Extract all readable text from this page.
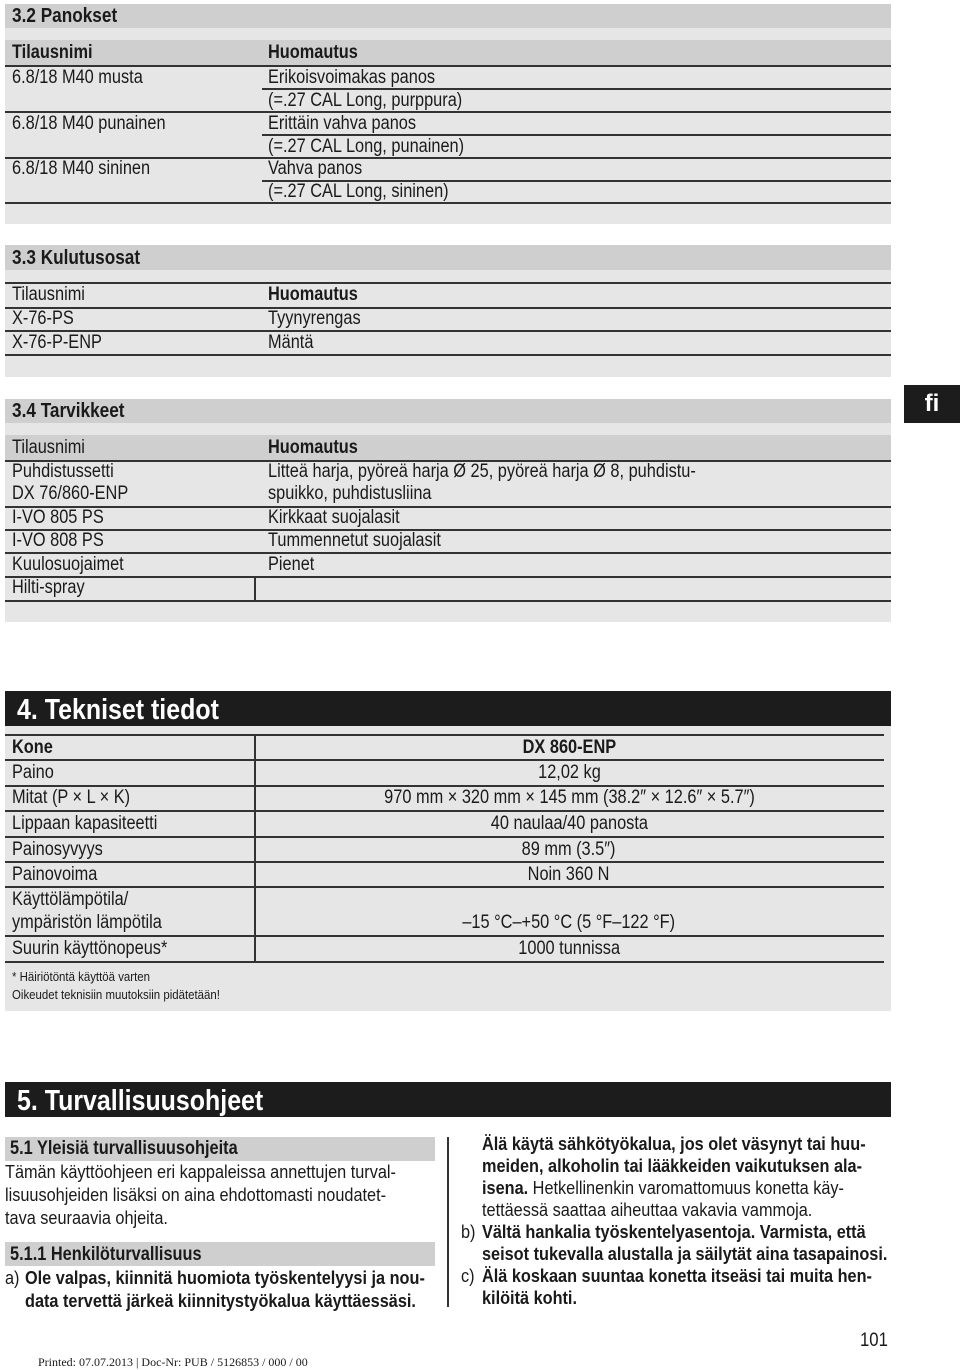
3.2 Panokset
Tilausnimi	Huomautus
6.8/18 M40 musta	Erikoisvoimakas panos
(=.27 CAL Long, purppura)
6.8/18 M40 punainen	Erittäin vahva panos
(=.27 CAL Long, punainen)
6.8/18 M40 sininen	Vahva panos
(=.27 CAL Long, sininen)
3.3 Kulutusosat
Tilausnimi	Huomautus
X-76-PS	Tyynyrengas
X-76-P-ENP	Mäntä
3.4 Tarvikkeet
Tilausnimi	Huomautus
Puhdistussetti	Litteä harja, pyöreä harja Ø 25, pyöreä harja Ø 8, puhdistu-
DX 76/860-ENP	spuikko, puhdistusliina
I-VO 805 PS	Kirkkaat suojalasit
I-VO 808 PS	Tummennetut suojalasit
Kuulosuojaimet	Pienet
Hilti-spray
fi
4. Tekniset tiedot
Kone	DX 860-ENP
Paino	12,02 kg
Mitat (P × L × K)	970 mm × 320 mm × 145 mm (38.2″ × 12.6″ × 5.7″)
Lippaan kapasiteetti	40 naulaa/40 panosta
Painosyvyys	89 mm (3.5″)
Painovoima	Noin 360 N
Käyttölämpötila/
ympäristön lämpötila	–15 °C–+50 °C (5 °F–122 °F)
Suurin käyttönopeus*	1000 tunnissa
* Häiriötöntä käyttöä varten
Oikeudet teknisiin muutoksiin pidätetään!
5. Turvallisuusohjeet
5.1 Yleisiä turvallisuusohjeita
Tämän käyttöohjeen eri kappaleissa annettujen turval-
lisuusohjeiden lisäksi on aina ehdottomasti noudatet-
tava seuraavia ohjeita.
5.1.1 Henkilöturvallisuus
a) Ole valpas, kiinnitä huomiota työskentelyysi ja nou-
data tervettä järkeä kiinnitystyökalua käyttäessäsi.
Älä käytä sähkötyökalua, jos olet väsynyt tai huu-
meiden, alkoholin tai lääkkeiden vaikutuksen ala-
isena. Hetkellinenkin varomattomuus konetta käy-
tettäessä saattaa aiheuttaa vakavia vammoja.
b) Vältä hankalia työskentelyasentoja. Varmista, että
seisot tukevalla alustalla ja säilytät aina tasapainosi.
c) Älä koskaan suuntaa konetta itseäsi tai muita hen-
kilöitä kohti.
101
Printed: 07.07.2013 | Doc-Nr: PUB / 5126853 / 000 / 00
